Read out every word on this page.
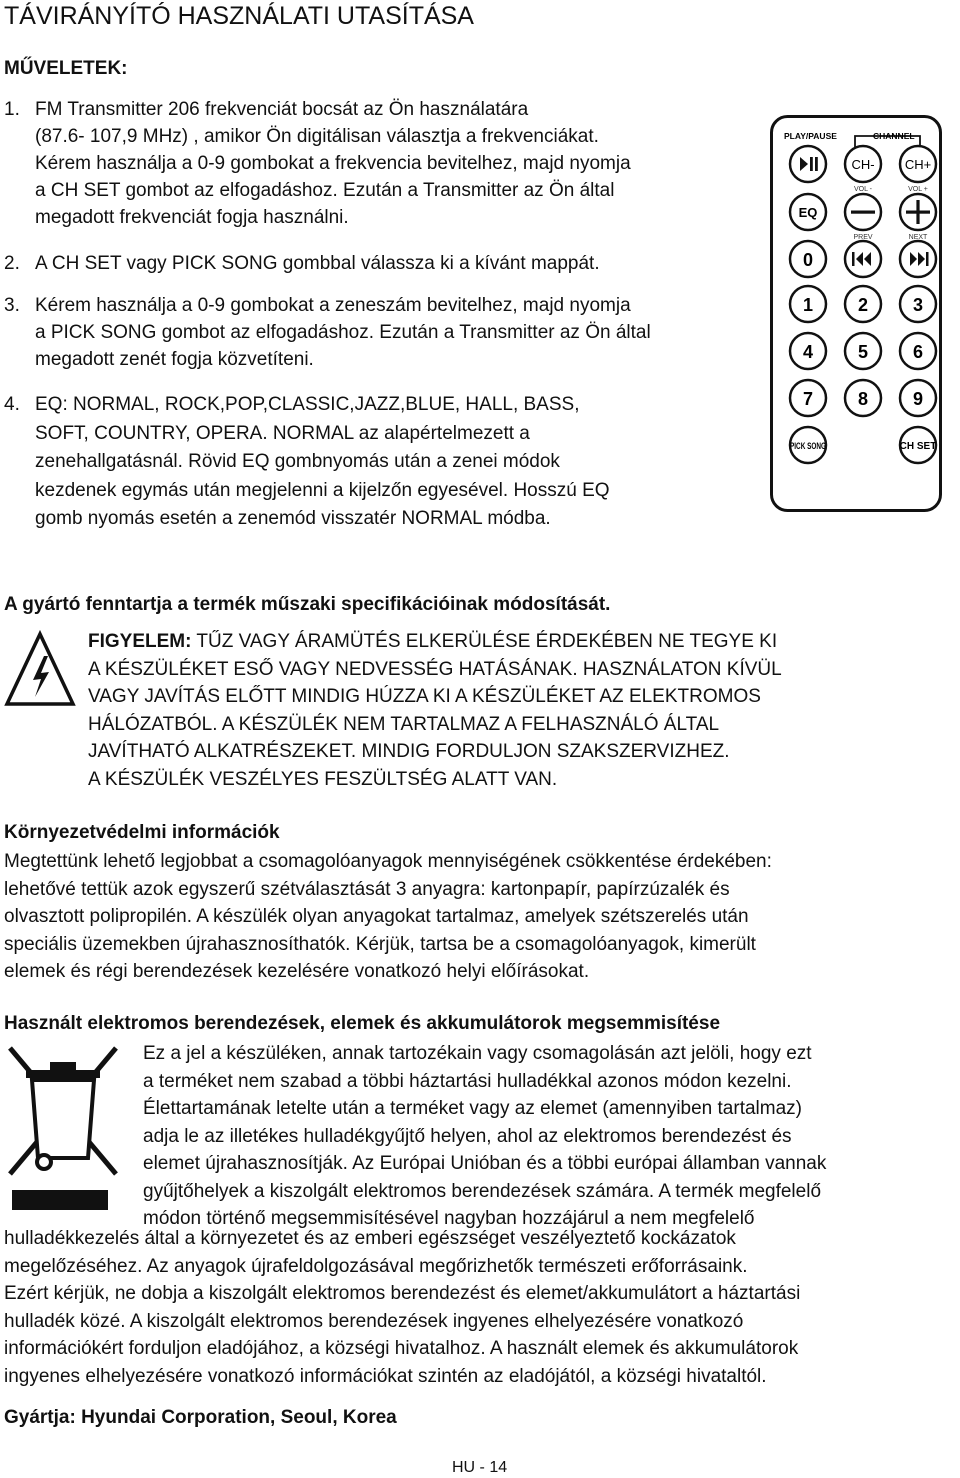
TÁVIRÁNYÍTÓ HASZNÁLATI UTASÍTÁSA
MŰVELETEK:
1. FM Transmitter 206 frekvenciát bocsát az Ön használatára
(87.6- 107,9 MHz) , amikor Ön digitálisan választja a frekvenciákat.
Kérem használja a 0-9 gombokat a frekvencia bevitelhez, majd nyomja
a CH SET gombot az elfogadáshoz. Ezután a Transmitter az Ön által
megadott frekvenciát fogja használni.
2. A CH SET vagy PICK SONG gombbal válassza ki a kívánt mappát.
3. Kérem használja a 0-9 gombokat a zeneszám bevitelhez, majd nyomja
a PICK SONG gombot az elfogadáshoz. Ezután a Transmitter az Ön által
megadott zenét fogja közvetíteni.
4. EQ: NORMAL, ROCK,POP,CLASSIC,JAZZ,BLUE, HALL, BASS,
SOFT, COUNTRY, OPERA. NORMAL az alapértelmezett a
zenehallgatásnál. Rövid EQ gombnyomás után a zenei módok
kezdenek egymás után megjelenni a kijelzőn egyesével. Hosszú EQ
gomb nyomás esetén a zenemód visszatér NORMAL módba.
PLAY/PAUSE	CHANNEL
CH- CH+
VOL -	VOL +
EQ
PREV	NEXT
0
1 2 3
4 5 6
7 8 9
PICK SONG	CH SET
A gyártó fenntartja a termék műszaki specifikációinak módosítását.
FIGYELEM: TŰZ VAGY ÁRAMÜTÉS ELKERÜLÉSE ÉRDEKÉBEN NE TEGYE KI
A KÉSZÜLÉKET ESŐ VAGY NEDVESSÉG HATÁSÁNAK. HASZNÁLATON KÍVÜL
VAGY JAVÍTÁS ELŐTT MINDIG HÚZZA KI A KÉSZÜLÉKET AZ ELEKTROMOS
HÁLÓZATBÓL. A KÉSZÜLÉK NEM TARTALMAZ A FELHASZNÁLÓ ÁLTAL
JAVÍTHATÓ ALKATRÉSZEKET. MINDIG FORDULJON SZAKSZERVIZHEZ.
A KÉSZÜLÉK VESZÉLYES FESZÜLTSÉG ALATT VAN.
Környezetvédelmi információk
Megtettünk lehető legjobbat a csomagolóanyagok mennyiségének csökkentése érdekében:
lehetővé tettük azok egyszerű szétválasztását 3 anyagra: kartonpapír, papírzúzalék és
olvasztott polipropilén. A készülék olyan anyagokat tartalmaz, amelyek szétszerelés után
speciális üzemekben újrahasznosíthatók. Kérjük, tartsa be a csomagolóanyagok, kimerült
elemek és régi berendezések kezelésére vonatkozó helyi előírásokat.
Használt elektromos berendezések, elemek és akkumulátorok megsemmisítése
Ez a jel a készüléken, annak tartozékain vagy csomagolásán azt jelöli, hogy ezt
a terméket nem szabad a többi háztartási hulladékkal azonos módon kezelni.
Élettartamának letelte után a terméket vagy az elemet (amennyiben tartalmaz)
adja le az illetékes hulladékgyűjtő helyen, ahol az elektromos berendezést és
elemet újrahasznosítják. Az Európai Unióban és a többi európai államban vannak
gyűjtőhelyek a kiszolgált elektromos berendezések számára. A termék megfelelő
módon történő megsemmisítésével nagyban hozzájárul a nem megfelelő
hulladékkezelés által a környezetet és az emberi egészséget veszélyeztető kockázatok
megelőzéséhez. Az anyagok újrafeldolgozásával megőrizhetők természeti erőforrásaink.
Ezért kérjük, ne dobja a kiszolgált elektromos berendezést és elemet/akkumulátort a háztartási
hulladék közé. A kiszolgált elektromos berendezések ingyenes elhelyezésére vonatkozó
információkért forduljon eladójához, a községi hivatalhoz. A használt elemek és akkumulátorok
ingyenes elhelyezésére vonatkozó információkat szintén az eladójától, a községi hivataltól.
Gyártja: Hyundai Corporation, Seoul, Korea
HU - 14
